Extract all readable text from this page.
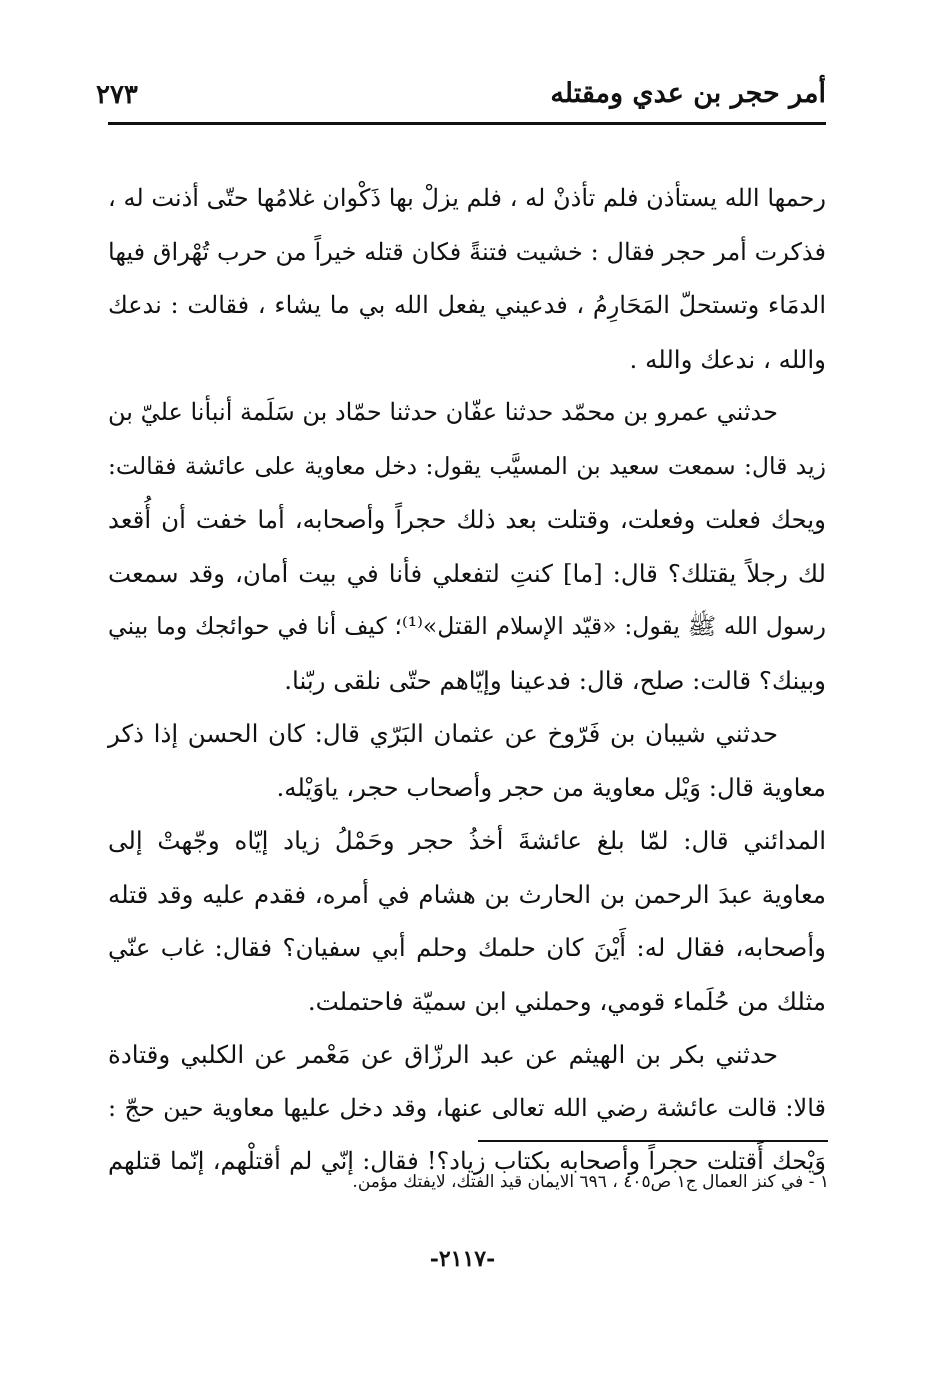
أمر حجر بن عدي ومقتله
٢٧٣
رحمها الله يستأذن فلم تأذنْ له ، فلم يزلْ بها ذَكْوان غلامُها حتّى أذنت له ،
فذكرت أمر حجر فقال : خشيت فتنةً فكان قتله خيراً من حرب تُهْراق فيها
الدمَاء وتستحلّ المَحَارِمُ ، فدعيني يفعل الله بي ما يشاء ، فقالت : ندعك
والله ، ندعك والله .
حدثني عمرو بن محمّد حدثنا عفّان حدثنا حمّاد بن سَلَمة أنبأنا عليّ بن
زيد قال: سمعت سعيد بن المسيَّب يقول: دخل معاوية على عائشة فقالت:
ويحك فعلت وفعلت، وقتلت بعد ذلك حجراً وأصحابه، أما خفت أن أُقعد
لك رجلاً يقتلك؟ قال: [ما] كنتِ لتفعلي فأنا في بيت أمان، وقد سمعت
رسول الله ﷺ يقول: «قيّد الإسلام القتل»⁽¹⁾؛ كيف أنا في حوائجك وما بيني
وبينك؟ قالت: صلح، قال: فدعينا وإيّاهم حتّى نلقى ربّنا.
حدثني شيبان بن فَرّوخ عن عثمان البَرّي قال: كان الحسن إذا ذكر
معاوية قال: وَيْل معاوية من حجر وأصحاب حجر، ياوَيْله.
المدائني قال: لمّا بلغ عائشةَ أخذُ حجر وحَمْلُ زياد إيّاه وجّهتْ إلى
معاوية عبدَ الرحمن بن الحارث بن هشام في أمره، فقدم عليه وقد قتله
وأصحابه، فقال له: أَيْنَ كان حلمك وحلم أبي سفيان؟ فقال: غاب عنّي
مثلك من حُلَماء قومي، وحملني ابن سميّة فاحتملت.
حدثني بكر بن الهيثم عن عبد الرزّاق عن مَعْمر عن الكلبي وقتادة
قالا: قالت عائشة رضي الله تعالى عنها، وقد دخل عليها معاوية حين حجّ :
وَيْحك أَقتلت حجراً وأصحابه بكتاب زياد؟! فقال: إنّي لم أقتلْهم، إنّما قتلهم
١ - في كنز العمال ج١ ص٤٠٥ ، ٦٩٦ الايمان قيد الفتك، لايفتك مؤمن.
-٢١١٧-
